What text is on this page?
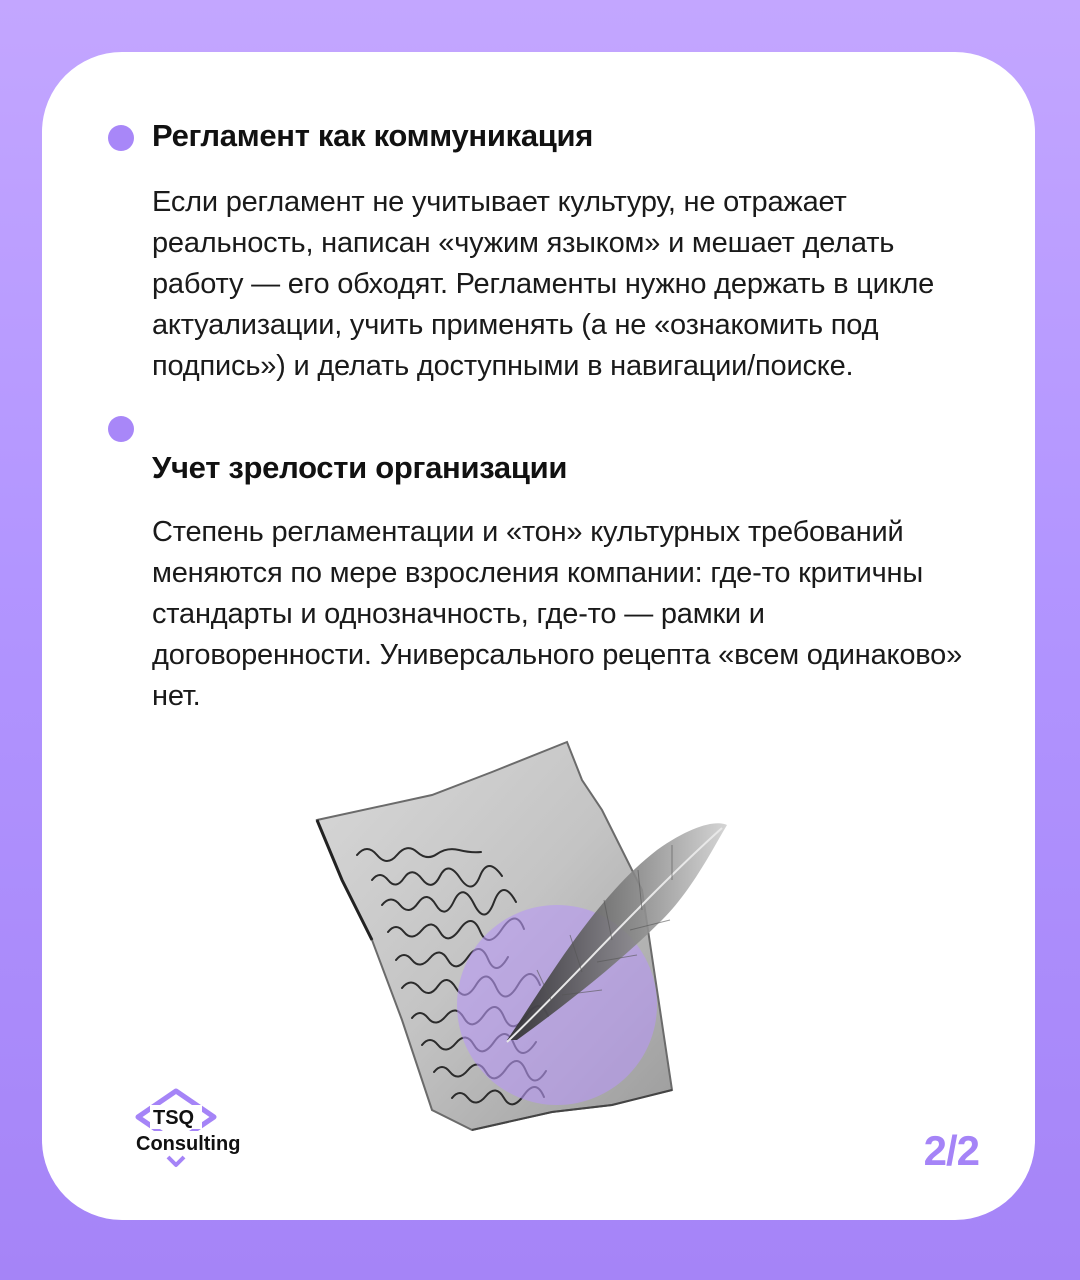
Регламент как коммуникация

Если регламент не учитывает культуру, не отражает реальность, написан «чужим языком» и мешает делать работу — его обходят. Регламенты нужно держать в цикле актуализации, учить применять (а не «ознакомить под подпись») и делать доступными в навигации/поиске.

Учет зрелости организации

Степень регламентации и «тон» культурных требований меняются по мере взросления компании: где-то критичны стандарты и однозначность, где-то — рамки и договоренности. Универсального рецепта «всем одинаково» нет.

TSQ
Consulting	2/2
